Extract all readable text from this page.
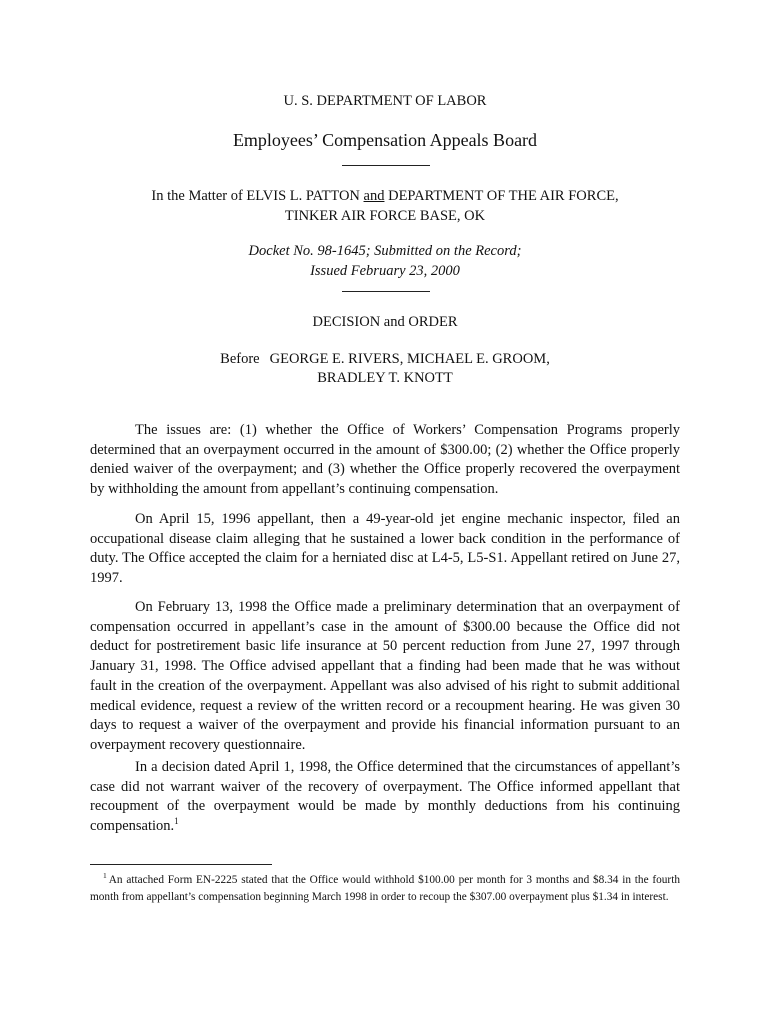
U. S. DEPARTMENT OF LABOR
Employees’ Compensation Appeals Board
In the Matter of ELVIS L. PATTON and DEPARTMENT OF THE AIR FORCE,
TINKER AIR FORCE BASE, OK
Docket No. 98-1645; Submitted on the Record;
Issued February 23, 2000
DECISION and ORDER
Before GEORGE E. RIVERS, MICHAEL E. GROOM,
BRADLEY T. KNOTT

The issues are: (1) whether the Office of Workers’ Compensation Programs properly determined that an overpayment occurred in the amount of $300.00; (2) whether the Office properly denied waiver of the overpayment; and (3) whether the Office properly recovered the overpayment by withholding the amount from appellant’s continuing compensation.

On April 15, 1996 appellant, then a 49-year-old jet engine mechanic inspector, filed an occupational disease claim alleging that he sustained a lower back condition in the performance of duty. The Office accepted the claim for a herniated disc at L4-5, L5-S1. Appellant retired on June 27, 1997.

On February 13, 1998 the Office made a preliminary determination that an overpayment of compensation occurred in appellant’s case in the amount of $300.00 because the Office did not deduct for postretirement basic life insurance at 50 percent reduction from June 27, 1997 through January 31, 1998. The Office advised appellant that a finding had been made that he was without fault in the creation of the overpayment. Appellant was also advised of his right to submit additional medical evidence, request a review of the written record or a recoupment hearing. He was given 30 days to request a waiver of the overpayment and provide his financial information pursuant to an overpayment recovery questionnaire.

In a decision dated April 1, 1998, the Office determined that the circumstances of appellant’s case did not warrant waiver of the recovery of overpayment. The Office informed appellant that recoupment of the overpayment would be made by monthly deductions from his continuing compensation.$^1$

$^1$ An attached Form EN-2225 stated that the Office would withhold $100.00 per month for 3 months and $8.34 in the fourth month from appellant’s compensation beginning March 1998 in order to recoup the $307.00 overpayment plus $1.34 in interest.
